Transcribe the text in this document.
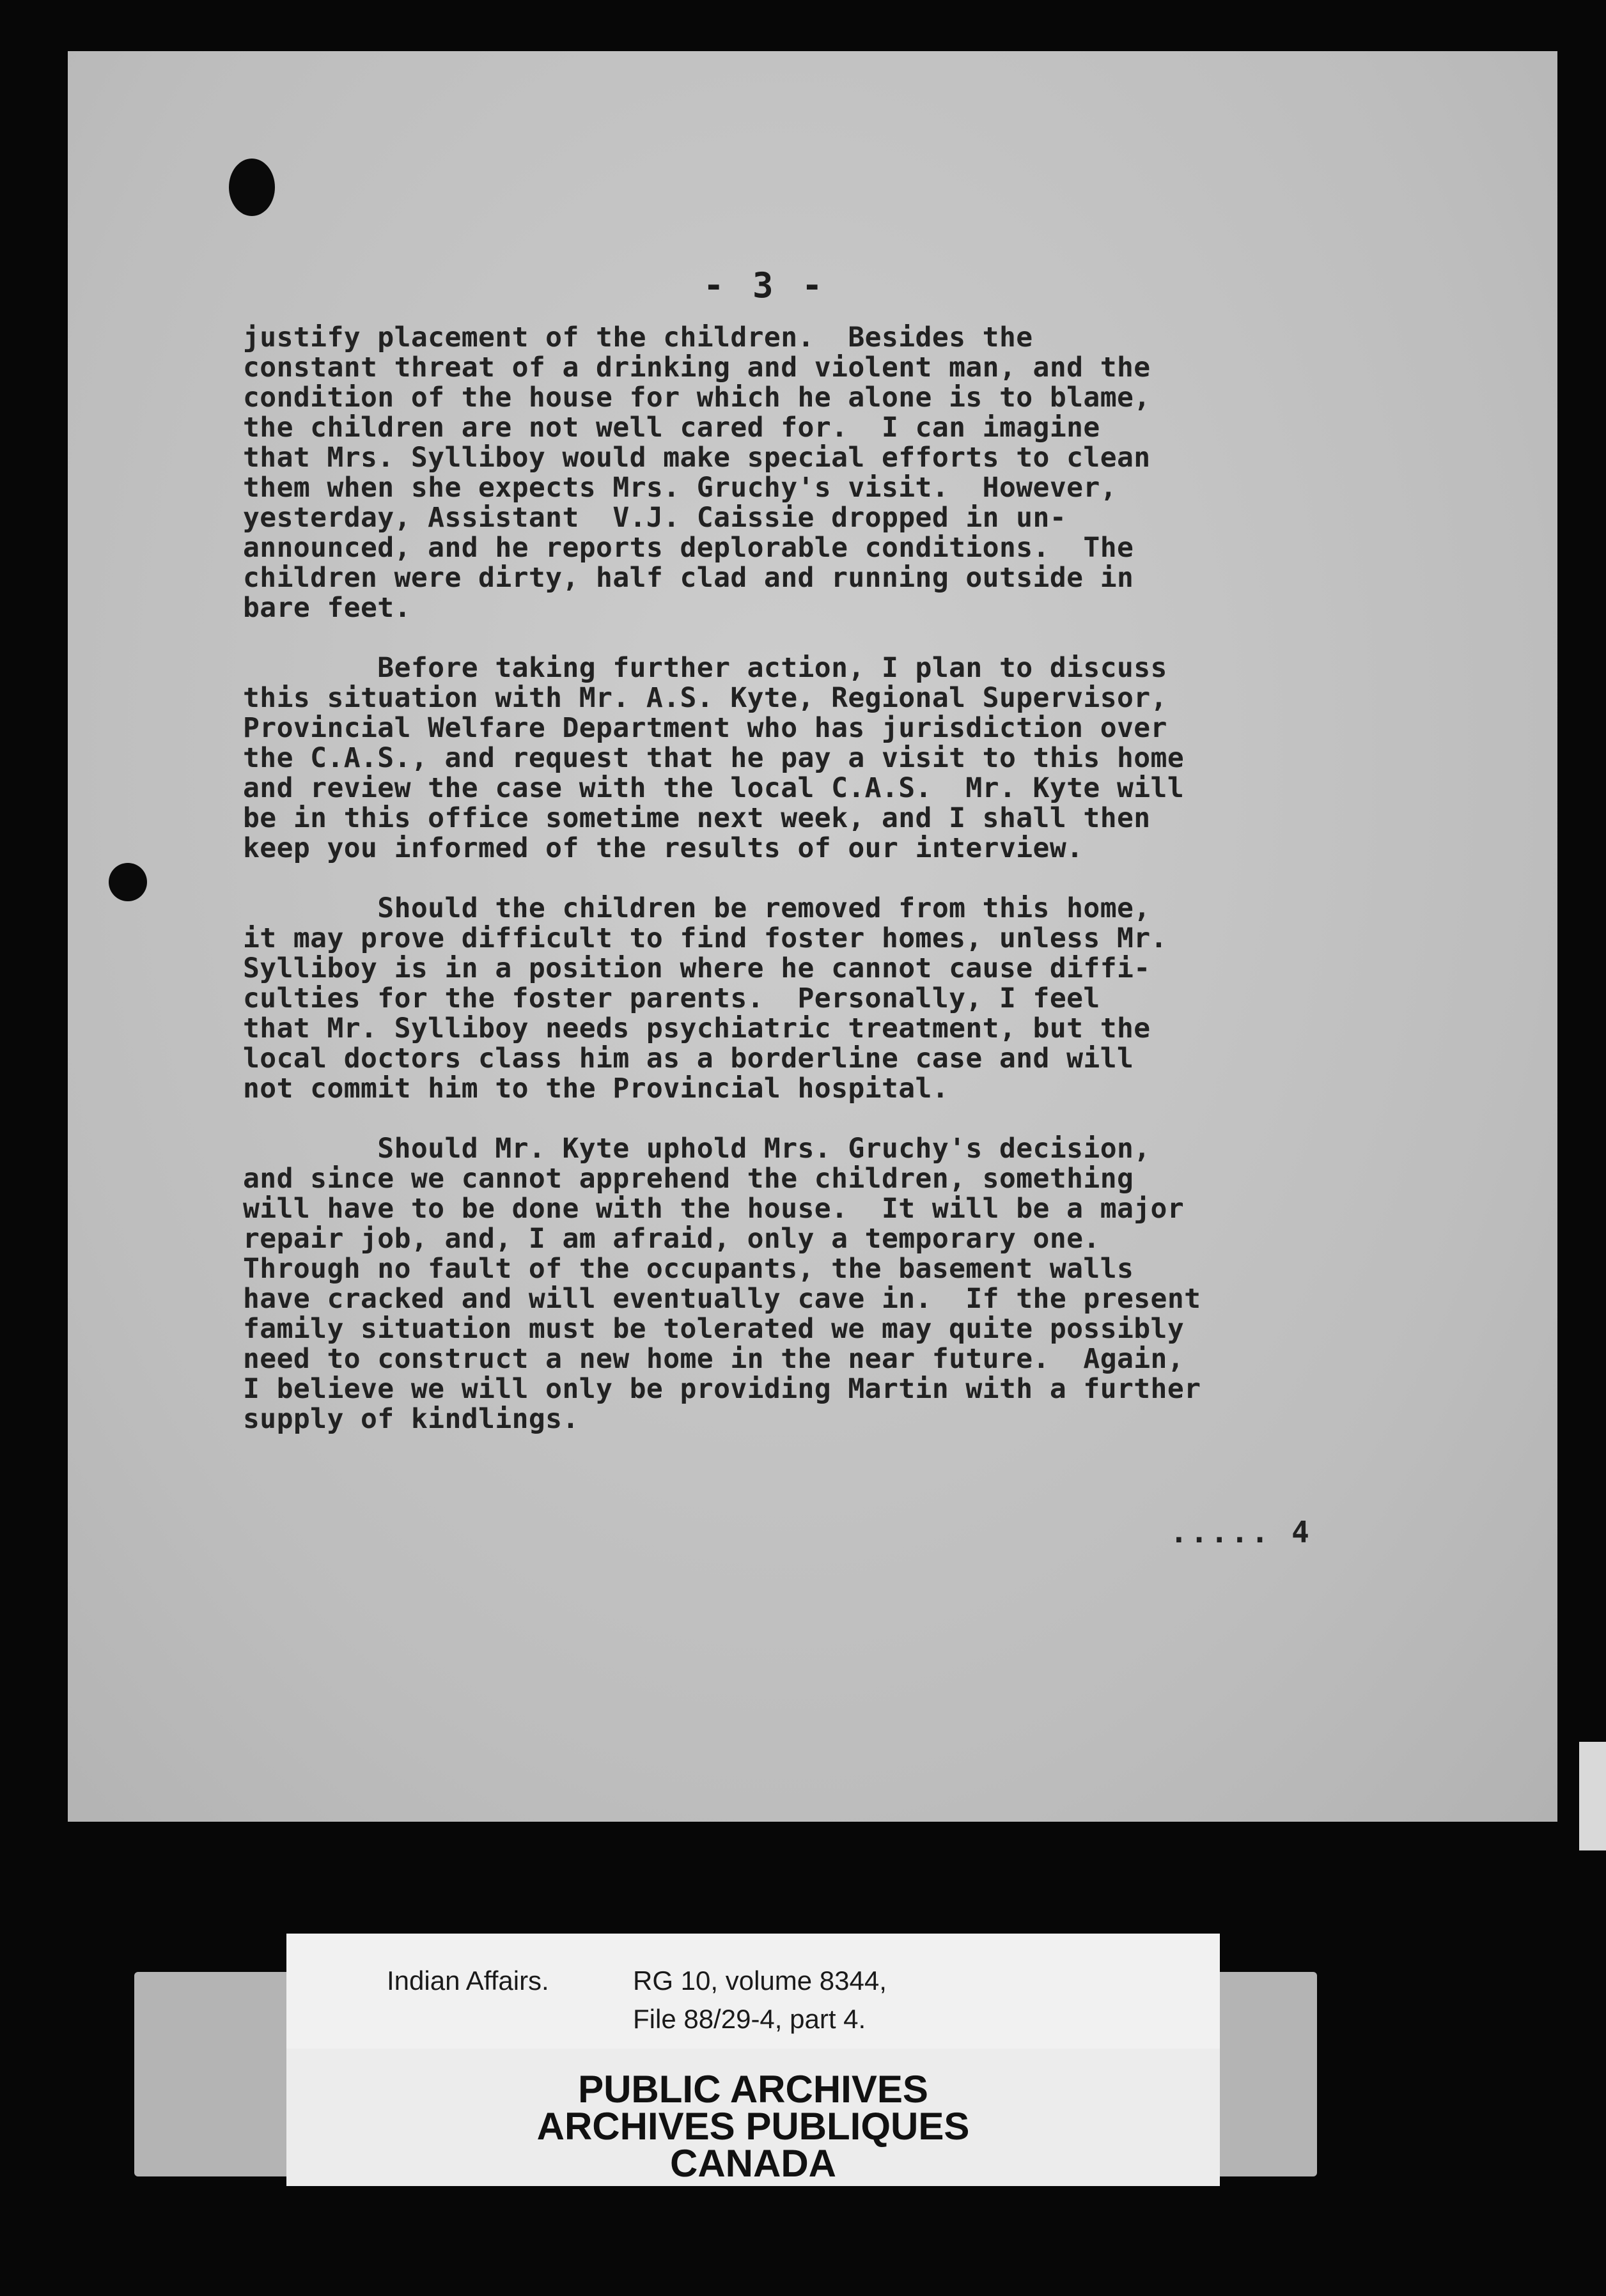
- 3 -
justify placement of the children.  Besides the
constant threat of a drinking and violent man, and the
condition of the house for which he alone is to blame,
the children are not well cared for.  I can imagine
that Mrs. Sylliboy would make special efforts to clean
them when she expects Mrs. Gruchy's visit.  However,
yesterday, Assistant  V.J. Caissie dropped in un-
announced, and he reports deplorable conditions.  The
children were dirty, half clad and running outside in
bare feet.
Before taking further action, I plan to discuss
this situation with Mr. A.S. Kyte, Regional Supervisor,
Provincial Welfare Department who has jurisdiction over
the C.A.S., and request that he pay a visit to this home
and review the case with the local C.A.S.  Mr. Kyte will
be in this office sometime next week, and I shall then
keep you informed of the results of our interview.
Should the children be removed from this home,
it may prove difficult to find foster homes, unless Mr.
Sylliboy is in a position where he cannot cause diffi-
culties for the foster parents.  Personally, I feel
that Mr. Sylliboy needs psychiatric treatment, but the
local doctors class him as a borderline case and will
not commit him to the Provincial hospital.
Should Mr. Kyte uphold Mrs. Gruchy's decision,
and since we cannot apprehend the children, something
will have to be done with the house.  It will be a major
repair job, and, I am afraid, only a temporary one.
Through no fault of the occupants, the basement walls
have cracked and will eventually cave in.  If the present
family situation must be tolerated we may quite possibly
need to construct a new home in the near future.  Again,
I believe we will only be providing Martin with a further
supply of kindlings.
..... 4
Indian Affairs.	RG 10, volume 8344,
File 88/29-4, part 4.
PUBLIC ARCHIVES
ARCHIVES PUBLIQUES
CANADA
